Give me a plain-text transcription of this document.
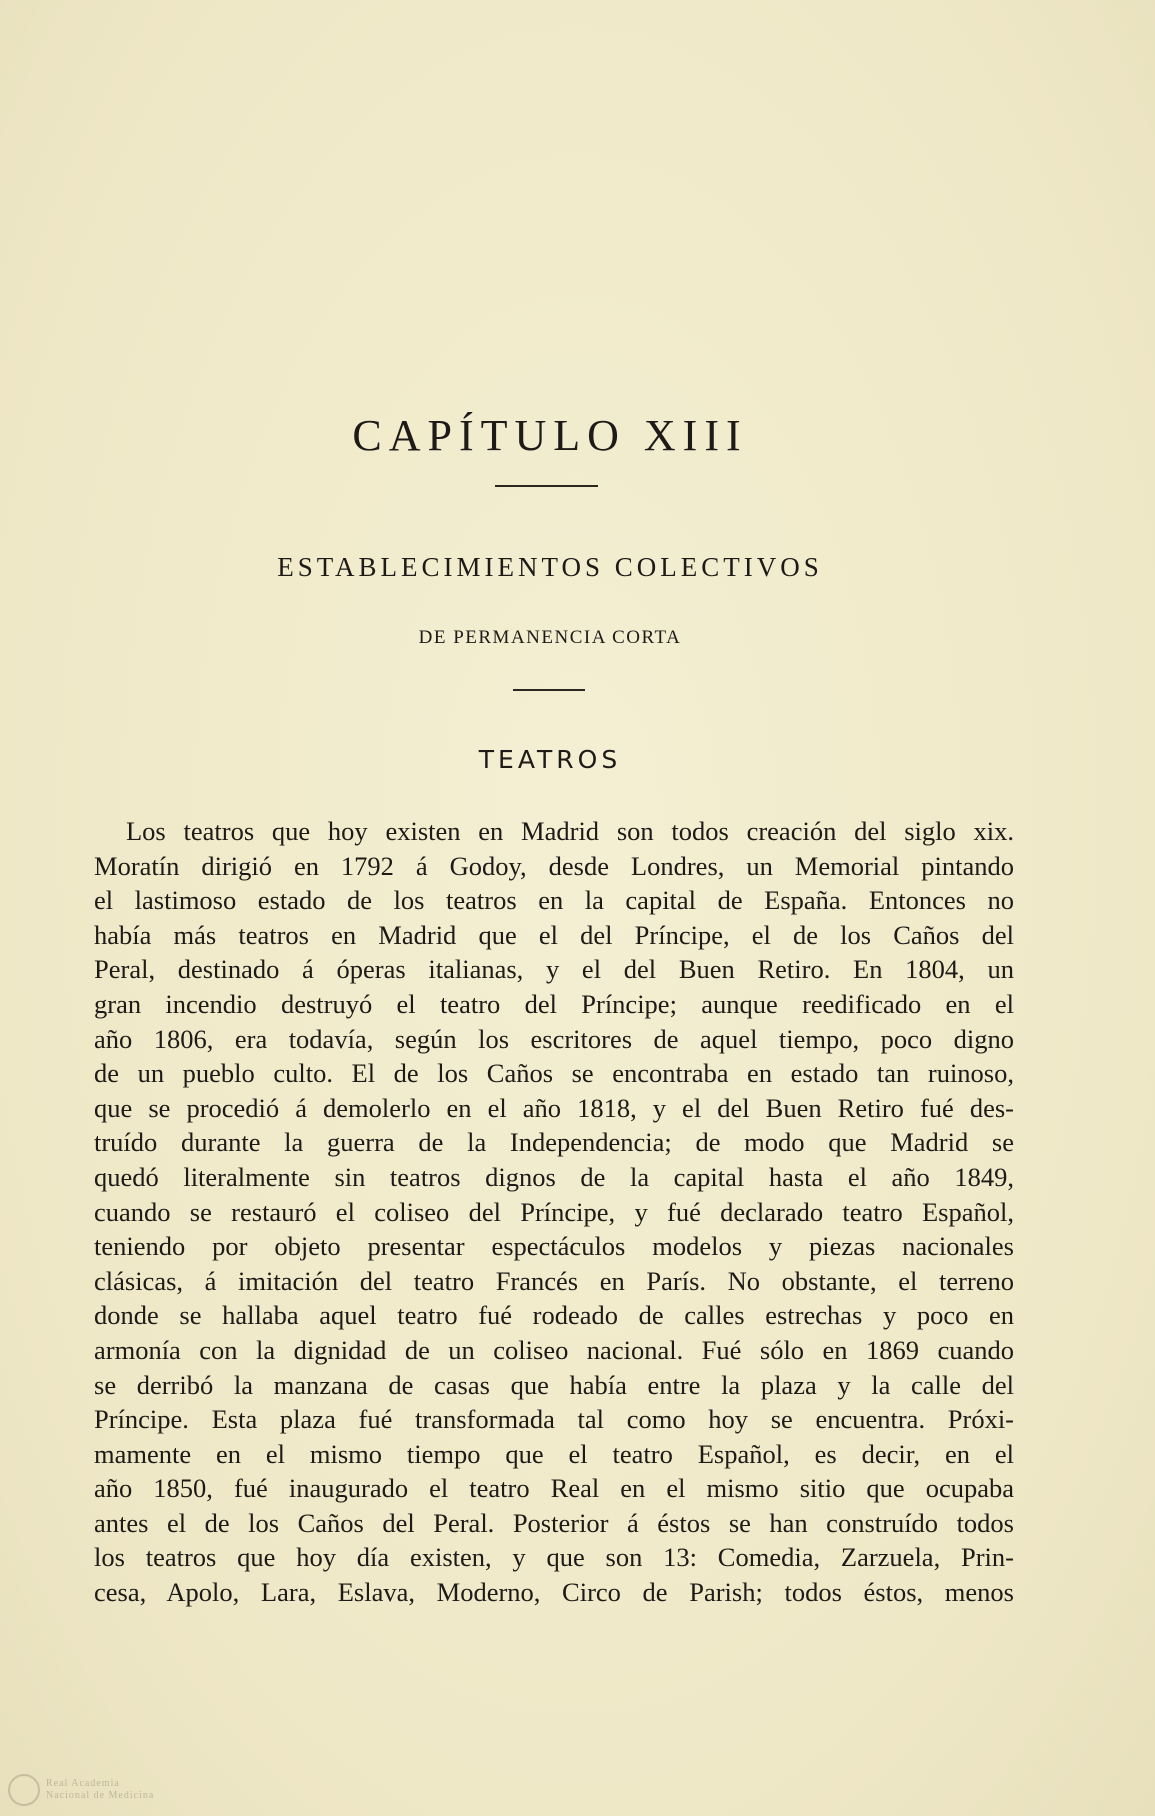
CAPÍTULO XIII
ESTABLECIMIENTOS COLECTIVOS
DE PERMANENCIA CORTA
TEATROS
Los teatros que hoy existen en Madrid son todos creación del siglo xix.
Moratín dirigió en 1792 á Godoy, desde Londres, un Memorial pintando
el lastimoso estado de los teatros en la capital de España. Entonces no
había más teatros en Madrid que el del Príncipe, el de los Caños del
Peral, destinado á óperas italianas, y el del Buen Retiro. En 1804, un
gran incendio destruyó el teatro del Príncipe; aunque reedificado en el
año 1806, era todavía, según los escritores de aquel tiempo, poco digno
de un pueblo culto. El de los Caños se encontraba en estado tan ruinoso,
que se procedió á demolerlo en el año 1818, y el del Buen Retiro fué des-
truído durante la guerra de la Independencia; de modo que Madrid se
quedó literalmente sin teatros dignos de la capital hasta el año 1849,
cuando se restauró el coliseo del Príncipe, y fué declarado teatro Español,
teniendo por objeto presentar espectáculos modelos y piezas nacionales
clásicas, á imitación del teatro Francés en París. No obstante, el terreno
donde se hallaba aquel teatro fué rodeado de calles estrechas y poco en
armonía con la dignidad de un coliseo nacional. Fué sólo en 1869 cuando
se derribó la manzana de casas que había entre la plaza y la calle del
Príncipe. Esta plaza fué transformada tal como hoy se encuentra. Próxi-
mamente en el mismo tiempo que el teatro Español, es decir, en el
año 1850, fué inaugurado el teatro Real en el mismo sitio que ocupaba
antes el de los Caños del Peral. Posterior á éstos se han construído todos
los teatros que hoy día existen, y que son 13: Comedia, Zarzuela, Prin-
cesa, Apolo, Lara, Eslava, Moderno, Circo de Parish; todos éstos, menos
Real Academia
Nacional de Medicina
